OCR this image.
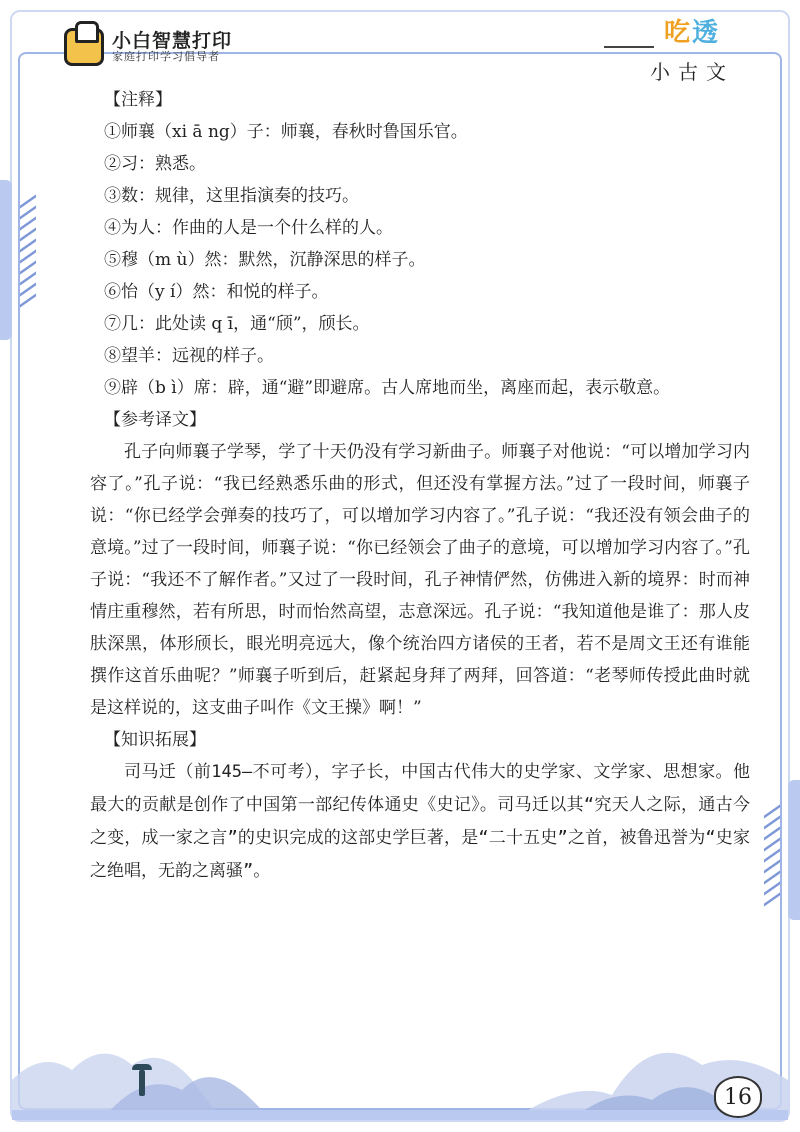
小白智慧打印
家庭打印学习倡导者
吃透
小古文

【注释】

①师襄（xi ā ng）子：师襄，春秋时鲁国乐官。

②习：熟悉。

③数：规律，这里指演奏的技巧。

④为人：作曲的人是一个什么样的人。

⑤穆（m ù）然：默然，沉静深思的样子。

⑥怡（y í）然：和悦的样子。

⑦几：此处读 q ī，通“颀”，颀长。

⑧望羊：远视的样子。

⑨辟（b ì）席：辟，通“避”即避席。古人席地而坐，离座而起，表示敬意。

【参考译文】

孔子向师襄子学琴，学了十天仍没有学习新曲子。师襄子对他说：“可以增加学习内容了。”孔子说：“我已经熟悉乐曲的形式，但还没有掌握方法。”过了一段时间，师襄子说：“你已经学会弹奏的技巧了，可以增加学习内容了。”孔子说：“我还没有领会曲子的意境。”过了一段时间，师襄子说：“你已经领会了曲子的意境，可以增加学习内容了。”孔子说：“我还不了解作者。”又过了一段时间，孔子神情俨然，仿佛进入新的境界：时而神情庄重穆然，若有所思，时而怡然高望，志意深远。孔子说：“我知道他是谁了：那人皮肤深黑，体形颀长，眼光明亮远大，像个统治四方诸侯的王者，若不是周文王还有谁能撰作这首乐曲呢？”师襄子听到后，赶紧起身拜了两拜，回答道：“老琴师传授此曲时就是这样说的，这支曲子叫作《文王操》啊！”

【知识拓展】

司马迁（前145—不可考），字子长，中国古代伟大的史学家、文学家、思想家。他最大的贡献是创作了中国第一部纪传体通史《史记》。司马迁以其“究天人之际，通古今之变，成一家之言”的史识完成的这部史学巨著，是“二十五史”之首，被鲁迅誉为“史家之绝唱，无韵之离骚”。

16
